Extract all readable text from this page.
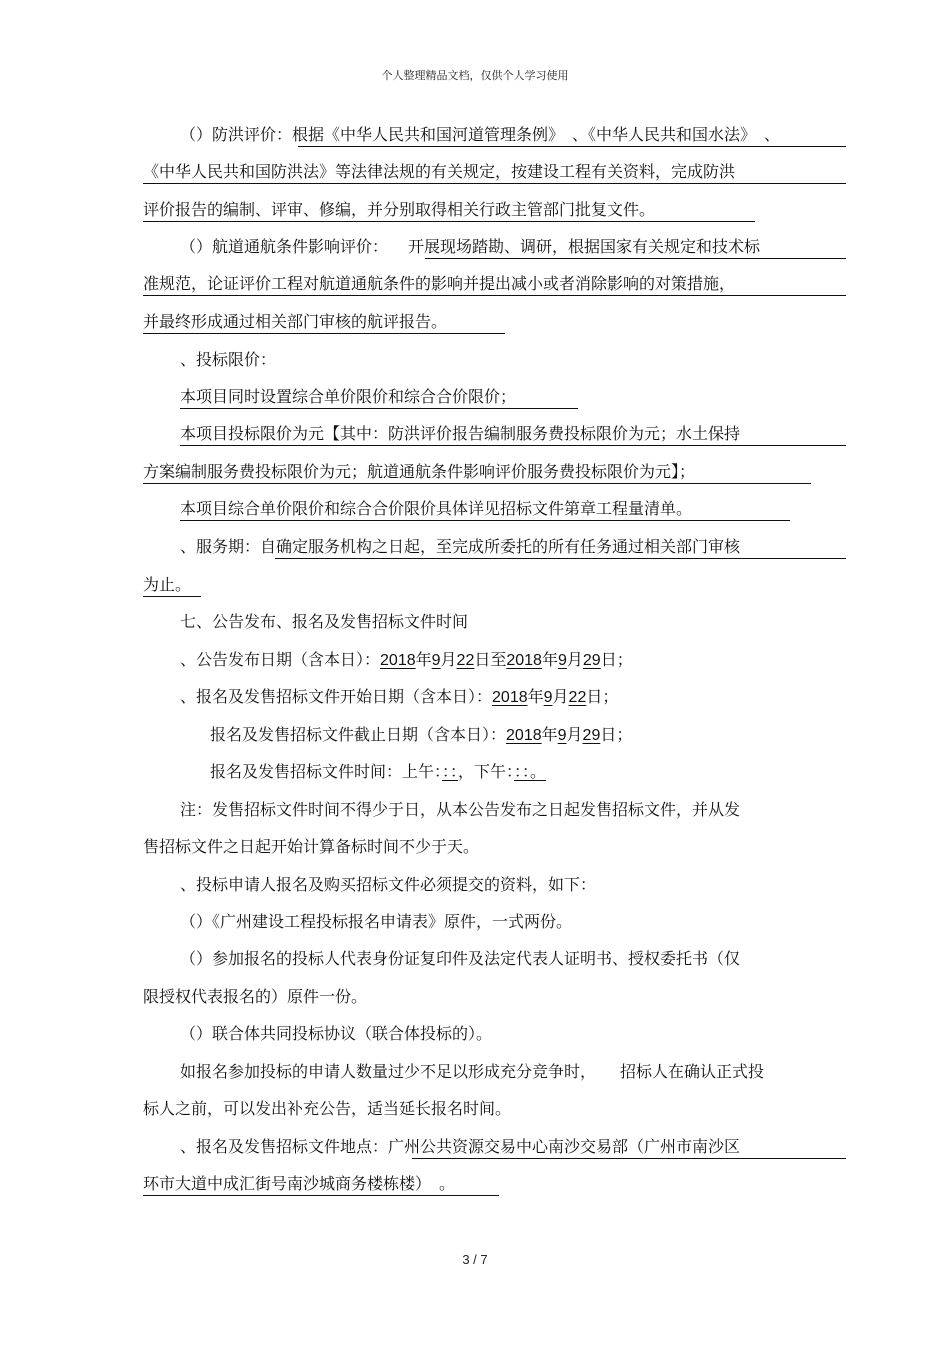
个人整理精品文档，仅供个人学习使用
（）防洪评价：根据《中华人民共和国河道管理条例》　、《中华人民共和国水法》　、
《中华人民共和国防洪法》等法律法规的有关规定，按建设工程有关资料，完成防洪
评价报告的编制、评审、修编，并分别取得相关行政主管部门批复文件。
（）航道通航条件影响评价： 开展现场踏勘、调研，根据国家有关规定和技术标
准规范，论证评价工程对航道通航条件的影响并提出减小或者消除影响的对策措施，
并最终形成通过相关部门审核的航评报告。
、投标限价：
本项目同时设置综合单价限价和综合合价限价；
本项目投标限价为元【其中：防洪评价报告编制服务费投标限价为元；水土保持
方案编制服务费投标限价为元；航道通航条件影响评价服务费投标限价为元】；
本项目综合单价限价和综合合价限价具体详见招标文件第章工程量清单。
、服务期：自确定服务机构之日起，至完成所委托的所有任务通过相关部门审核
为止。
七、公告发布、报名及发售招标文件时间
、公告发布日期（含本日）：2018年9月22日至2018年9月29日；
、报名及发售招标文件开始日期（含本日）：2018年9月22日；
报名及发售招标文件截止日期（含本日）：2018年9月29日；
报名及发售招标文件时间：上午：：：，下午：：：。
注：发售招标文件时间不得少于日，从本公告发布之日起发售招标文件，并从发
售招标文件之日起开始计算备标时间不少于天。
、投标申请人报名及购买招标文件必须提交的资料，如下：
（）《广州建设工程投标报名申请表》原件，一式两份。
（）参加报名的投标人代表身份证复印件及法定代表人证明书、授权委托书（仅
限授权代表报名的）原件一份。
（）联合体共同投标协议（联合体投标的）。
如报名参加投标的申请人数量过少不足以形成充分竞争时，　　招标人在确认正式投
标人之前，可以发出补充公告，适当延长报名时间。
、报名及发售招标文件地点：广州公共资源交易中心南沙交易部（广州市南沙区
环市大道中成汇街号南沙城商务楼栋楼）　。
3 / 7
